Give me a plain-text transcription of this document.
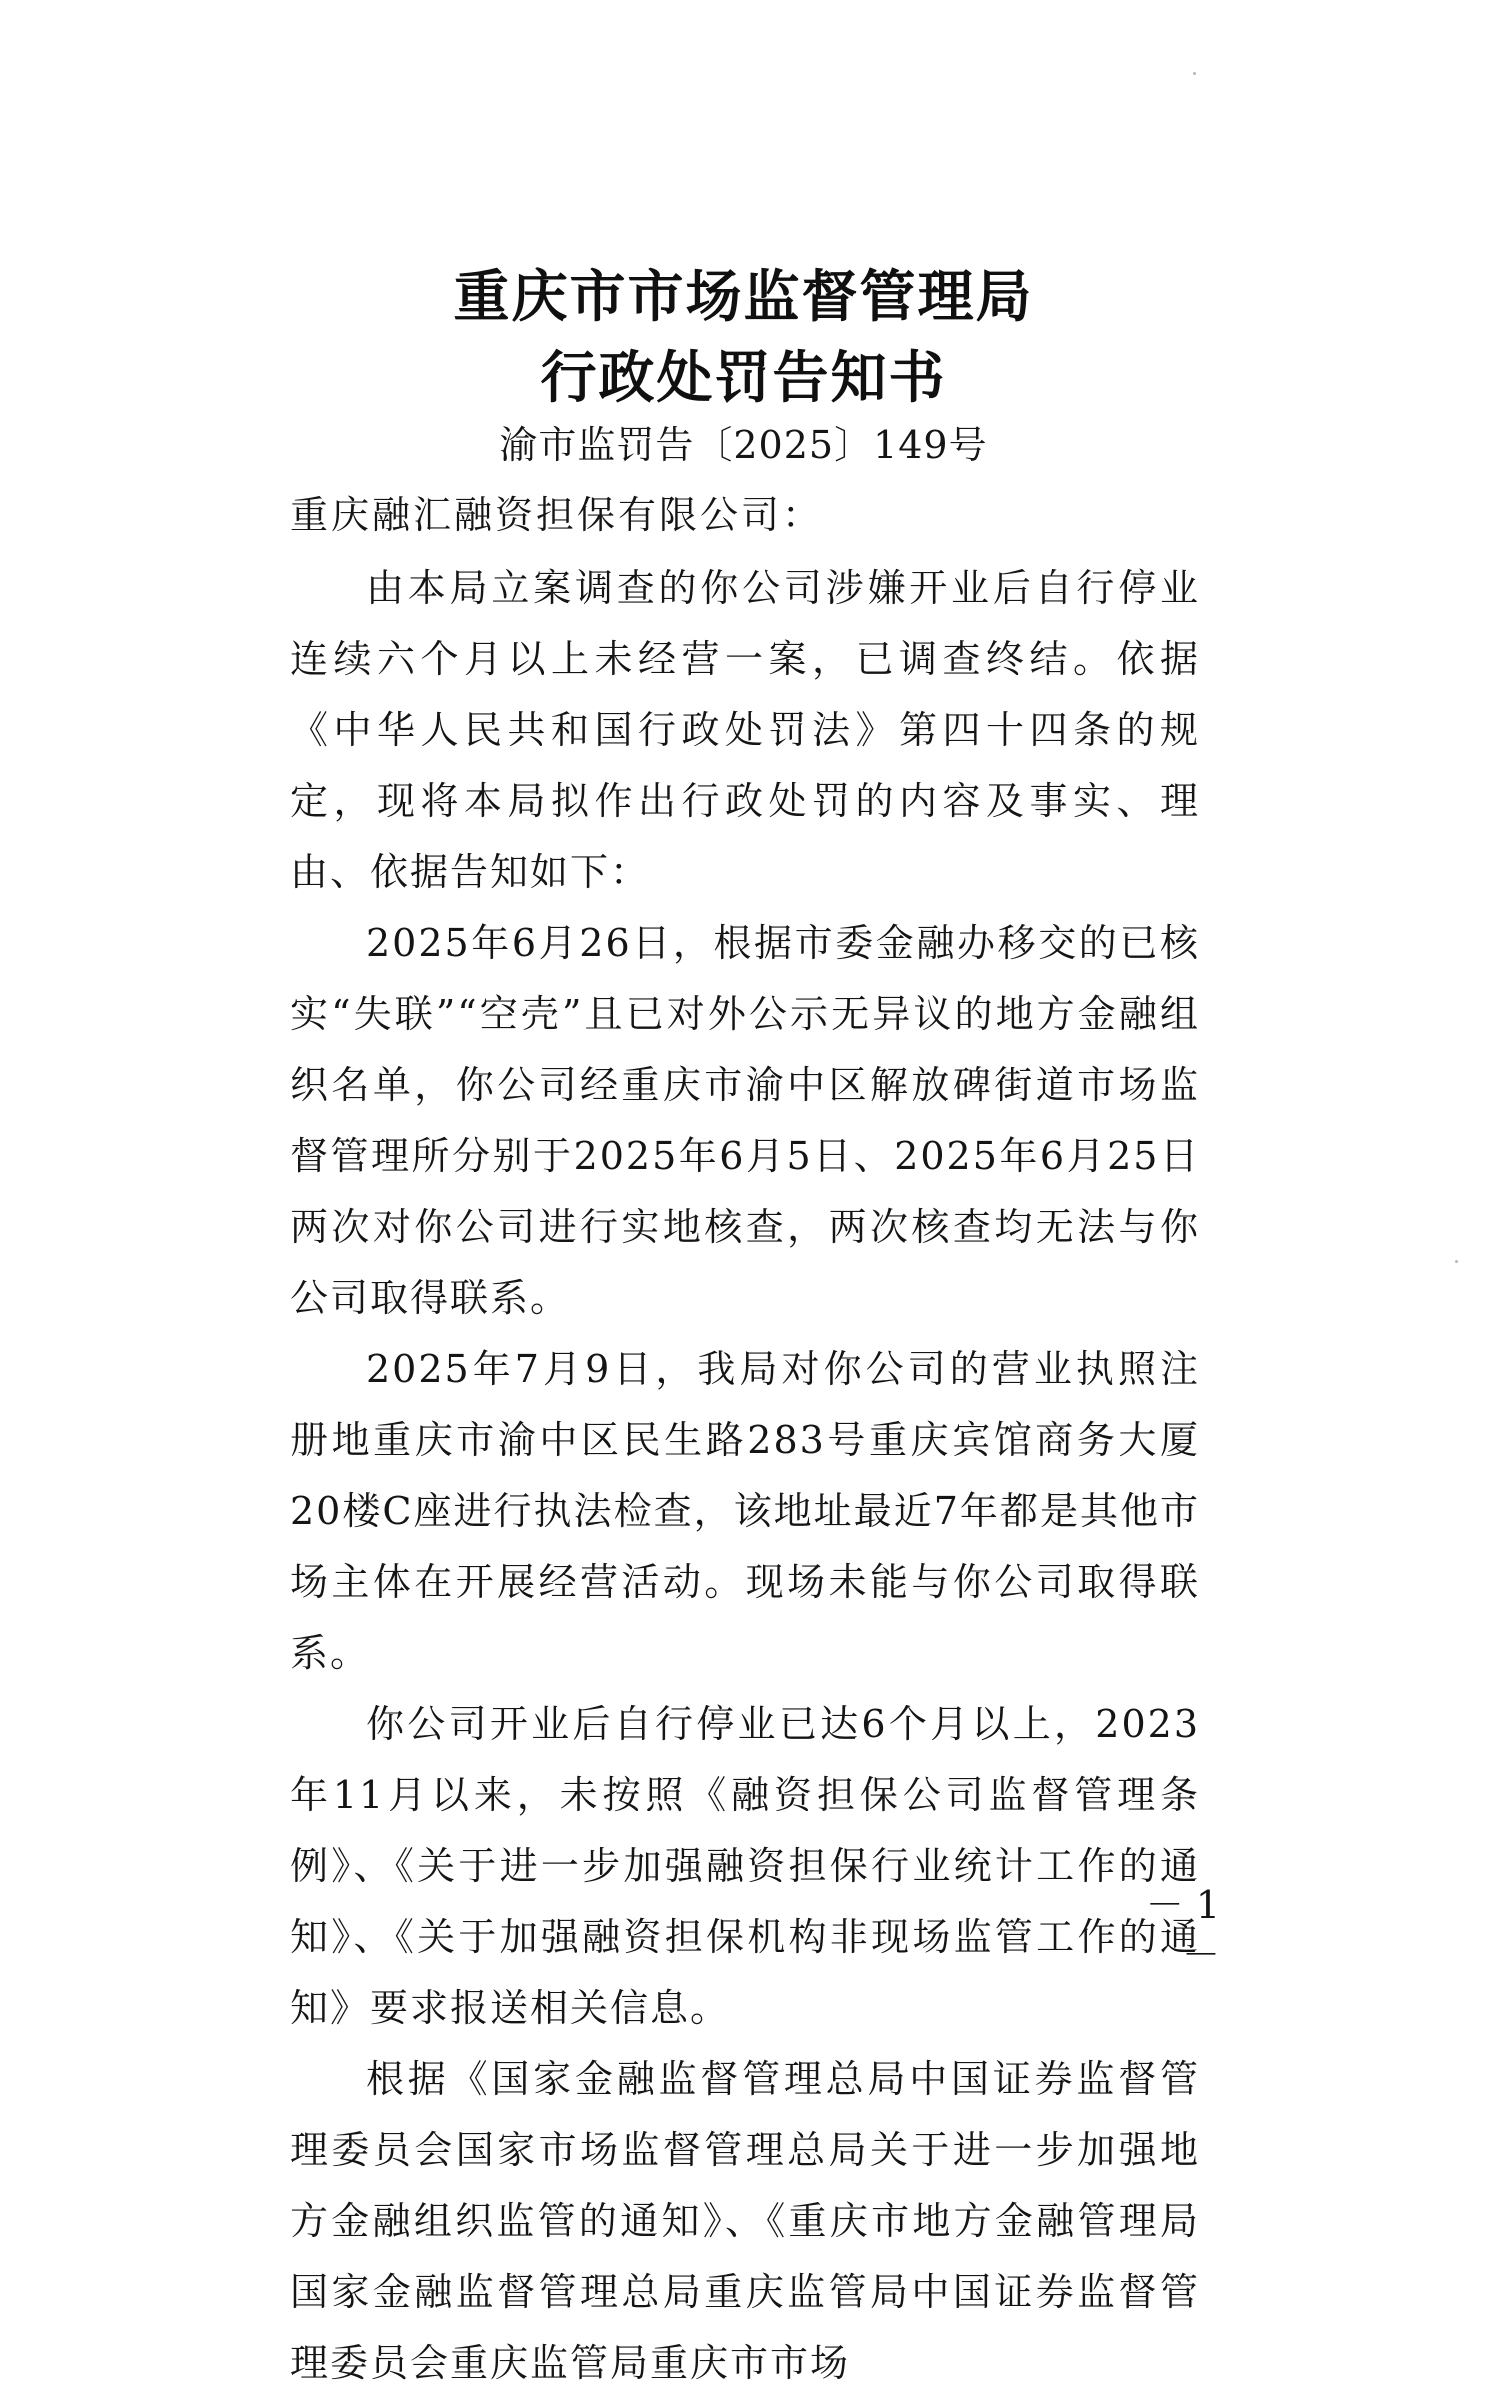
重庆市市场监督管理局
行政处罚告知书
渝市监罚告〔2025〕149号
重庆融汇融资担保有限公司：

由本局立案调查的你公司涉嫌开业后自行停业连续六个月以上未经营一案，已调查终结。依据《中华人民共和国行政处罚法》第四十四条的规定，现将本局拟作出行政处罚的内容及事实、理由、依据告知如下：

2025年6月26日，根据市委金融办移交的已核实“失联”“空壳”且已对外公示无异议的地方金融组织名单，你公司经重庆市渝中区解放碑街道市场监督管理所分别于2025年6月5日、2025年6月25日两次对你公司进行实地核查，两次核查均无法与你公司取得联系。

2025年7月9日，我局对你公司的营业执照注册地重庆市渝中区民生路283号重庆宾馆商务大厦20楼C座进行执法检查，该地址最近7年都是其他市场主体在开展经营活动。现场未能与你公司取得联系。

你公司开业后自行停业已达6个月以上，2023年11月以来，未按照《融资担保公司监督管理条例》、《关于进一步加强融资担保行业统计工作的通知》、《关于加强融资担保机构非现场监管工作的通知》要求报送相关信息。

根据《国家金融监督管理总局中国证券监督管理委员会国家市场监督管理总局关于进一步加强地方金融组织监管的通知》、《重庆市地方金融管理局国家金融监督管理总局重庆监管局中国证券监督管理委员会重庆监管局重庆市市场

－ 1 －
